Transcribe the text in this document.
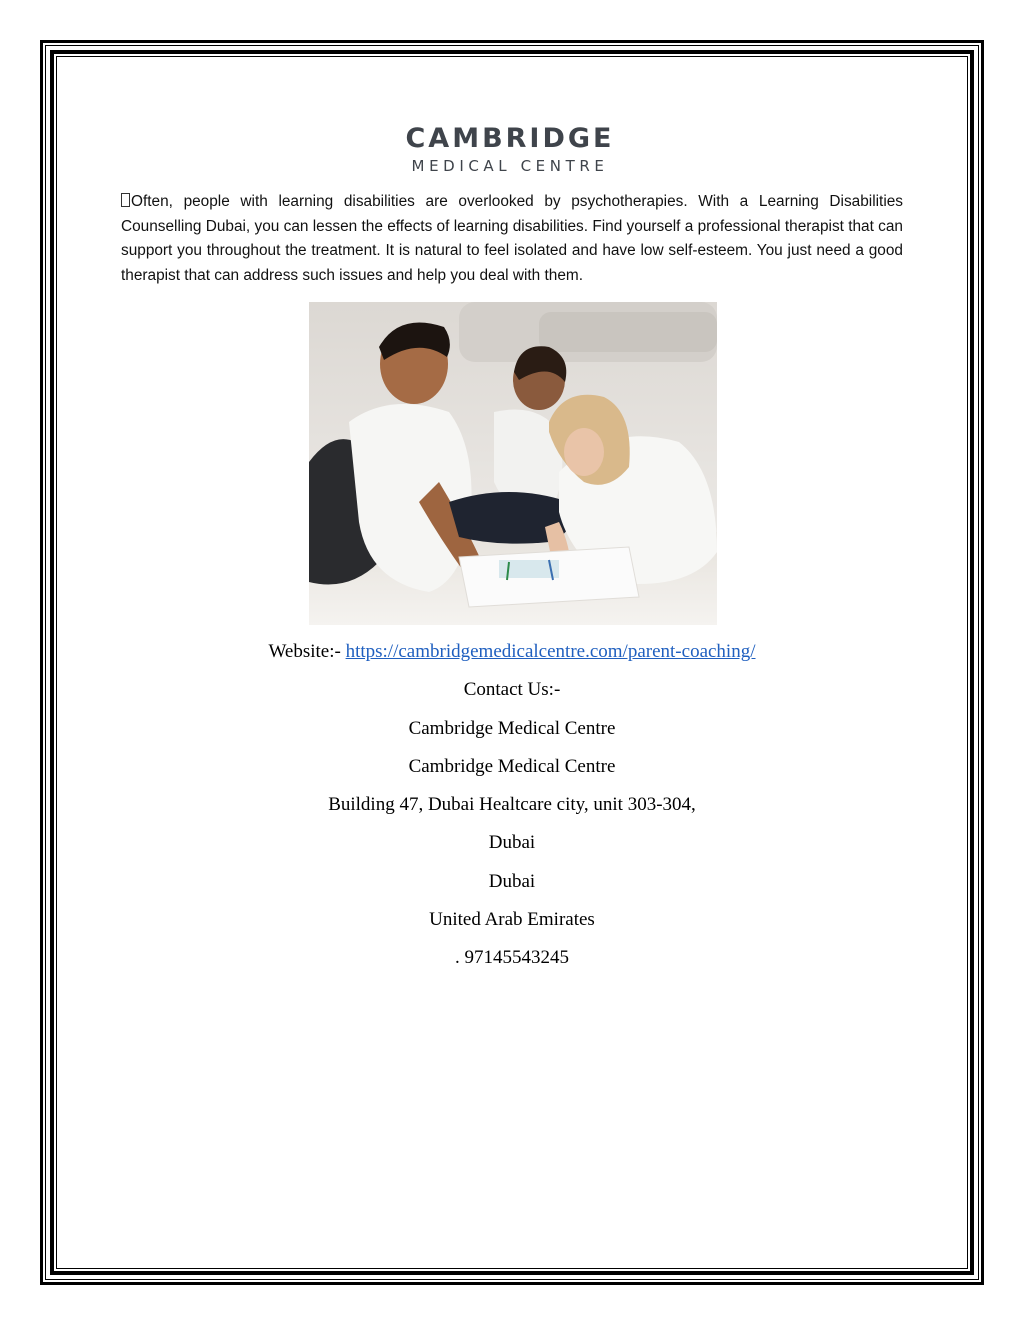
CAMBRIDGE
MEDICAL CENTRE
Often, people with learning disabilities are overlooked by psychotherapies. With a Learning Disabilities Counselling Dubai, you can lessen the effects of learning disabilities. Find yourself a professional therapist that can support you throughout the treatment. It is natural to feel isolated and have low self-esteem. You just need a good therapist that can address such issues and help you deal with them.

Website:- https://cambridgemedicalcentre.com/parent-coaching/

Contact Us:-

Cambridge Medical Centre

Cambridge Medical Centre

Building 47, Dubai Healtcare city, unit 303-304,

Dubai

Dubai

United Arab Emirates

. 97145543245
